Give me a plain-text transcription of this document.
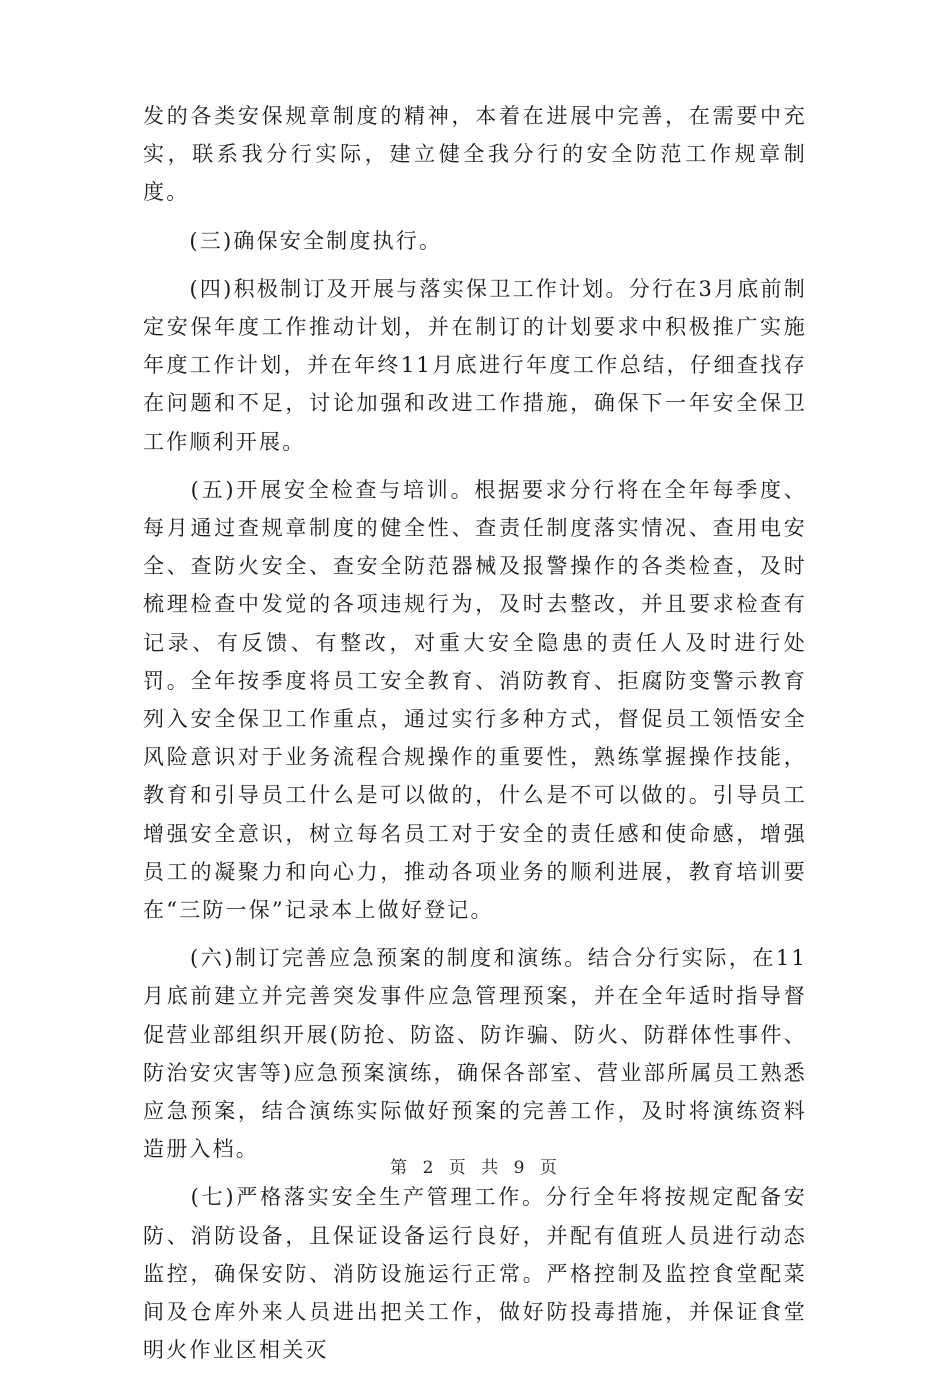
发的各类安保规章制度的精神，本着在进展中完善，在需要中充实，联系我分行实际，建立健全我分行的安全防范工作规章制度。

　　(三)确保安全制度执行。

　　(四)积极制订及开展与落实保卫工作计划。分行在3月底前制定安保年度工作推动计划，并在制订的计划要求中积极推广实施年度工作计划，并在年终11月底进行年度工作总结，仔细查找存在问题和不足，讨论加强和改进工作措施，确保下一年安全保卫工作顺利开展。

　　(五)开展安全检查与培训。根据要求分行将在全年每季度、每月通过查规章制度的健全性、查责任制度落实情况、查用电安全、查防火安全、查安全防范器械及报警操作的各类检查，及时梳理检查中发觉的各项违规行为，及时去整改，并且要求检查有记录、有反馈、有整改，对重大安全隐患的责任人及时进行处罚。全年按季度将员工安全教育、消防教育、拒腐防变警示教育列入安全保卫工作重点，通过实行多种方式，督促员工领悟安全风险意识对于业务流程合规操作的重要性，熟练掌握操作技能，教育和引导员工什么是可以做的，什么是不可以做的。引导员工增强安全意识，树立每名员工对于安全的责任感和使命感，增强员工的凝聚力和向心力，推动各项业务的顺利进展，教育培训要在“三防一保”记录本上做好登记。

　　(六)制订完善应急预案的制度和演练。结合分行实际，在11月底前建立并完善突发事件应急管理预案，并在全年适时指导督促营业部组织开展(防抢、防盗、防诈骗、防火、防群体性事件、防治安灾害等)应急预案演练，确保各部室、营业部所属员工熟悉应急预案，结合演练实际做好预案的完善工作，及时将演练资料造册入档。

　　(七)严格落实安全生产管理工作。分行全年将按规定配备安防、消防设备，且保证设备运行良好，并配有值班人员进行动态监控，确保安防、消防设施运行正常。严格控制及监控食堂配菜间及仓库外来人员进出把关工作，做好防投毒措施，并保证食堂明火作业区相关灭

第 2 页 共 9 页
